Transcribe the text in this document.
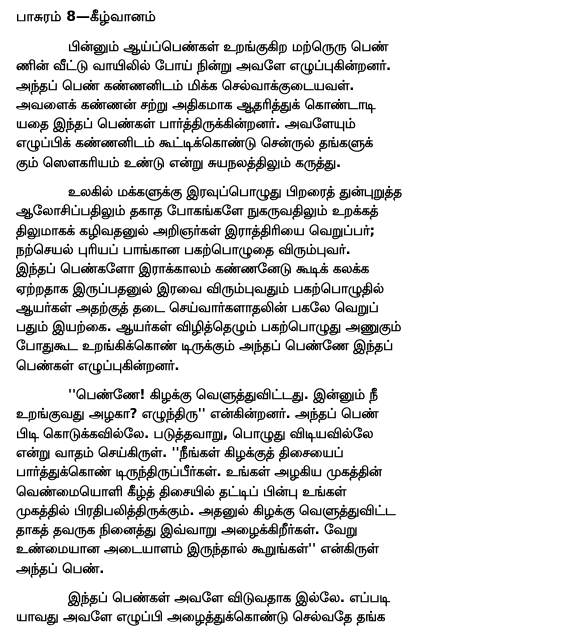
பாசுரம் 8—கீழ்வானம்
பின்னும் ஆய்ப்பெண்கள் உறங்குகிற மற்ருெரு பெண்
ணின் வீட்டு வாயிலில் போய் நின்று அவளே எழுப்புகின்றனர்.
அந்தப் பெண் கண்ணனிடம் மிக்க செல்வாக்குடையவள்.
அவளைக் கண்ணன் சற்று அதிகமாக ஆதரித்துக் கொண்டாடி
யதை இந்தப் பெண்கள் பார்த்திருக்கின்றனர். அவளேயும்
எழுப்பிக் கண்ணனிடம் கூட்டிக்கொண்டு சென்ருல் தங்களுக்
கும் ஸௌகரியம் உண்டு என்று சுயநலத்திலும் கருத்து.
உலகில் மக்களுக்கு இரவுப்பொழுது பிறரைத் துன்புறுத்த
ஆலோசிப்பதிலும் தகாத போகங்களே நுகருவதிலும் உறக்கத்
திலுமாகக் கழிவதனுல் அறிஞர்கள் இராத்திரியை வெறுப்பர்;
நற்செயல் புரியப் பாங்கான பகற்பொழுதை விரும்புவர்.
இந்தப் பெண்களோ இராக்காலம் கண்ணனேடு கூடிக் கலக்க
ஏற்றதாக இருப்பதனுல் இரவை விரும்புவதும் பகற்பொழுதில்
ஆயர்கள் அதற்குத் தடை செய்வார்களாதலின் பகலே வெறுப்
பதும் இயற்கை. ஆயர்கள் விழித்தெழும் பகற்பொழுது அணுகும்
போதுகூட உறங்கிக்கொண் டிருக்கும் அந்தப் பெண்ணே இந்தப்
பெண்கள் எழுப்புகின்றனர்.
''பெண்ணே! கிழக்கு வெளுத்துவிட்டது. இன்னும் நீ
உறங்குவது அழகா? எழுந்திரு'' என்கின்றனர். அந்தப் பெண்
பிடி கொடுக்கவில்லே. படுத்தவாறு, பொழுது விடியவில்லே
என்று வாதம் செய்கிருள். ''நீங்கள் கிழக்குத் திசையைப்
பார்த்துக்கொண் டிருந்திருப்பீர்கள். உங்கள் அழகிய முகத்தின்
வெண்மையொளி கீழ்த் திசையில் தட்டிப் பின்பு உங்கள்
முகத்தில் பிரதிபலித்திருக்கும். அதனுல் கிழக்கு வெளுத்துவிட்ட
தாகத் தவருக நினைத்து இவ்வாறு அழைக்கிறீர்கள். வேறு
உண்மையான அடையாளம் இருந்தால் கூறுங்கள்'' என்கிருள்
அந்தப் பெண்.
இந்தப் பெண்கள் அவளே விடுவதாக இல்லே. எப்படி
யாவது அவளே எழுப்பி அழைத்துக்கொண்டு செல்வதே தங்க
